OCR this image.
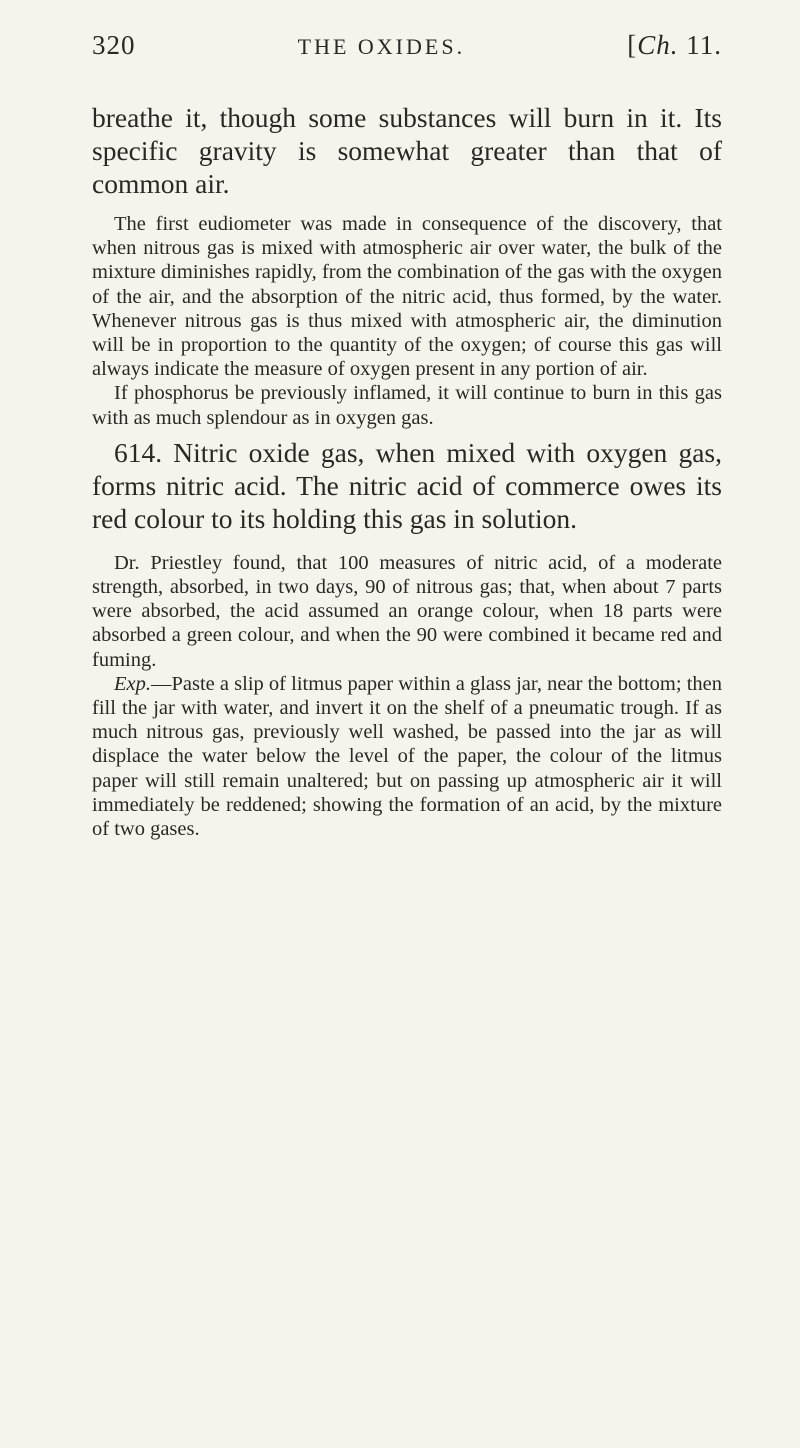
320	THE OXIDES.	[Ch. 11.

breathe it, though some substances will burn in it. Its specific gravity is somewhat greater than that of common air.

The first eudiometer was made in consequence of the discovery, that when nitrous gas is mixed with atmospheric air over water, the bulk of the mixture diminishes rapidly, from the combination of the gas with the oxygen of the air, and the absorption of the nitric acid, thus formed, by the water. Whenever nitrous gas is thus mixed with atmospheric air, the diminution will be in proportion to the quantity of the oxygen; of course this gas will always indicate the measure of oxygen present in any portion of air.

If phosphorus be previously inflamed, it will continue to burn in this gas with as much splendour as in oxygen gas.

614. Nitric oxide gas, when mixed with oxygen gas, forms nitric acid. The nitric acid of commerce owes its red colour to its holding this gas in solution.

Dr. Priestley found, that 100 measures of nitric acid, of a moderate strength, absorbed, in two days, 90 of nitrous gas; that, when about 7 parts were absorbed, the acid assumed an orange colour, when 18 parts were absorbed a green colour, and when the 90 were combined it became red and fuming.

Exp.—Paste a slip of litmus paper within a glass jar, near the bottom; then fill the jar with water, and invert it on the shelf of a pneumatic trough. If as much nitrous gas, previously well washed, be passed into the jar as will displace the water below the level of the paper, the colour of the litmus paper will still remain unaltered; but on passing up atmospheric air it will immediately be reddened; showing the formation of an acid, by the mixture of two gases.
